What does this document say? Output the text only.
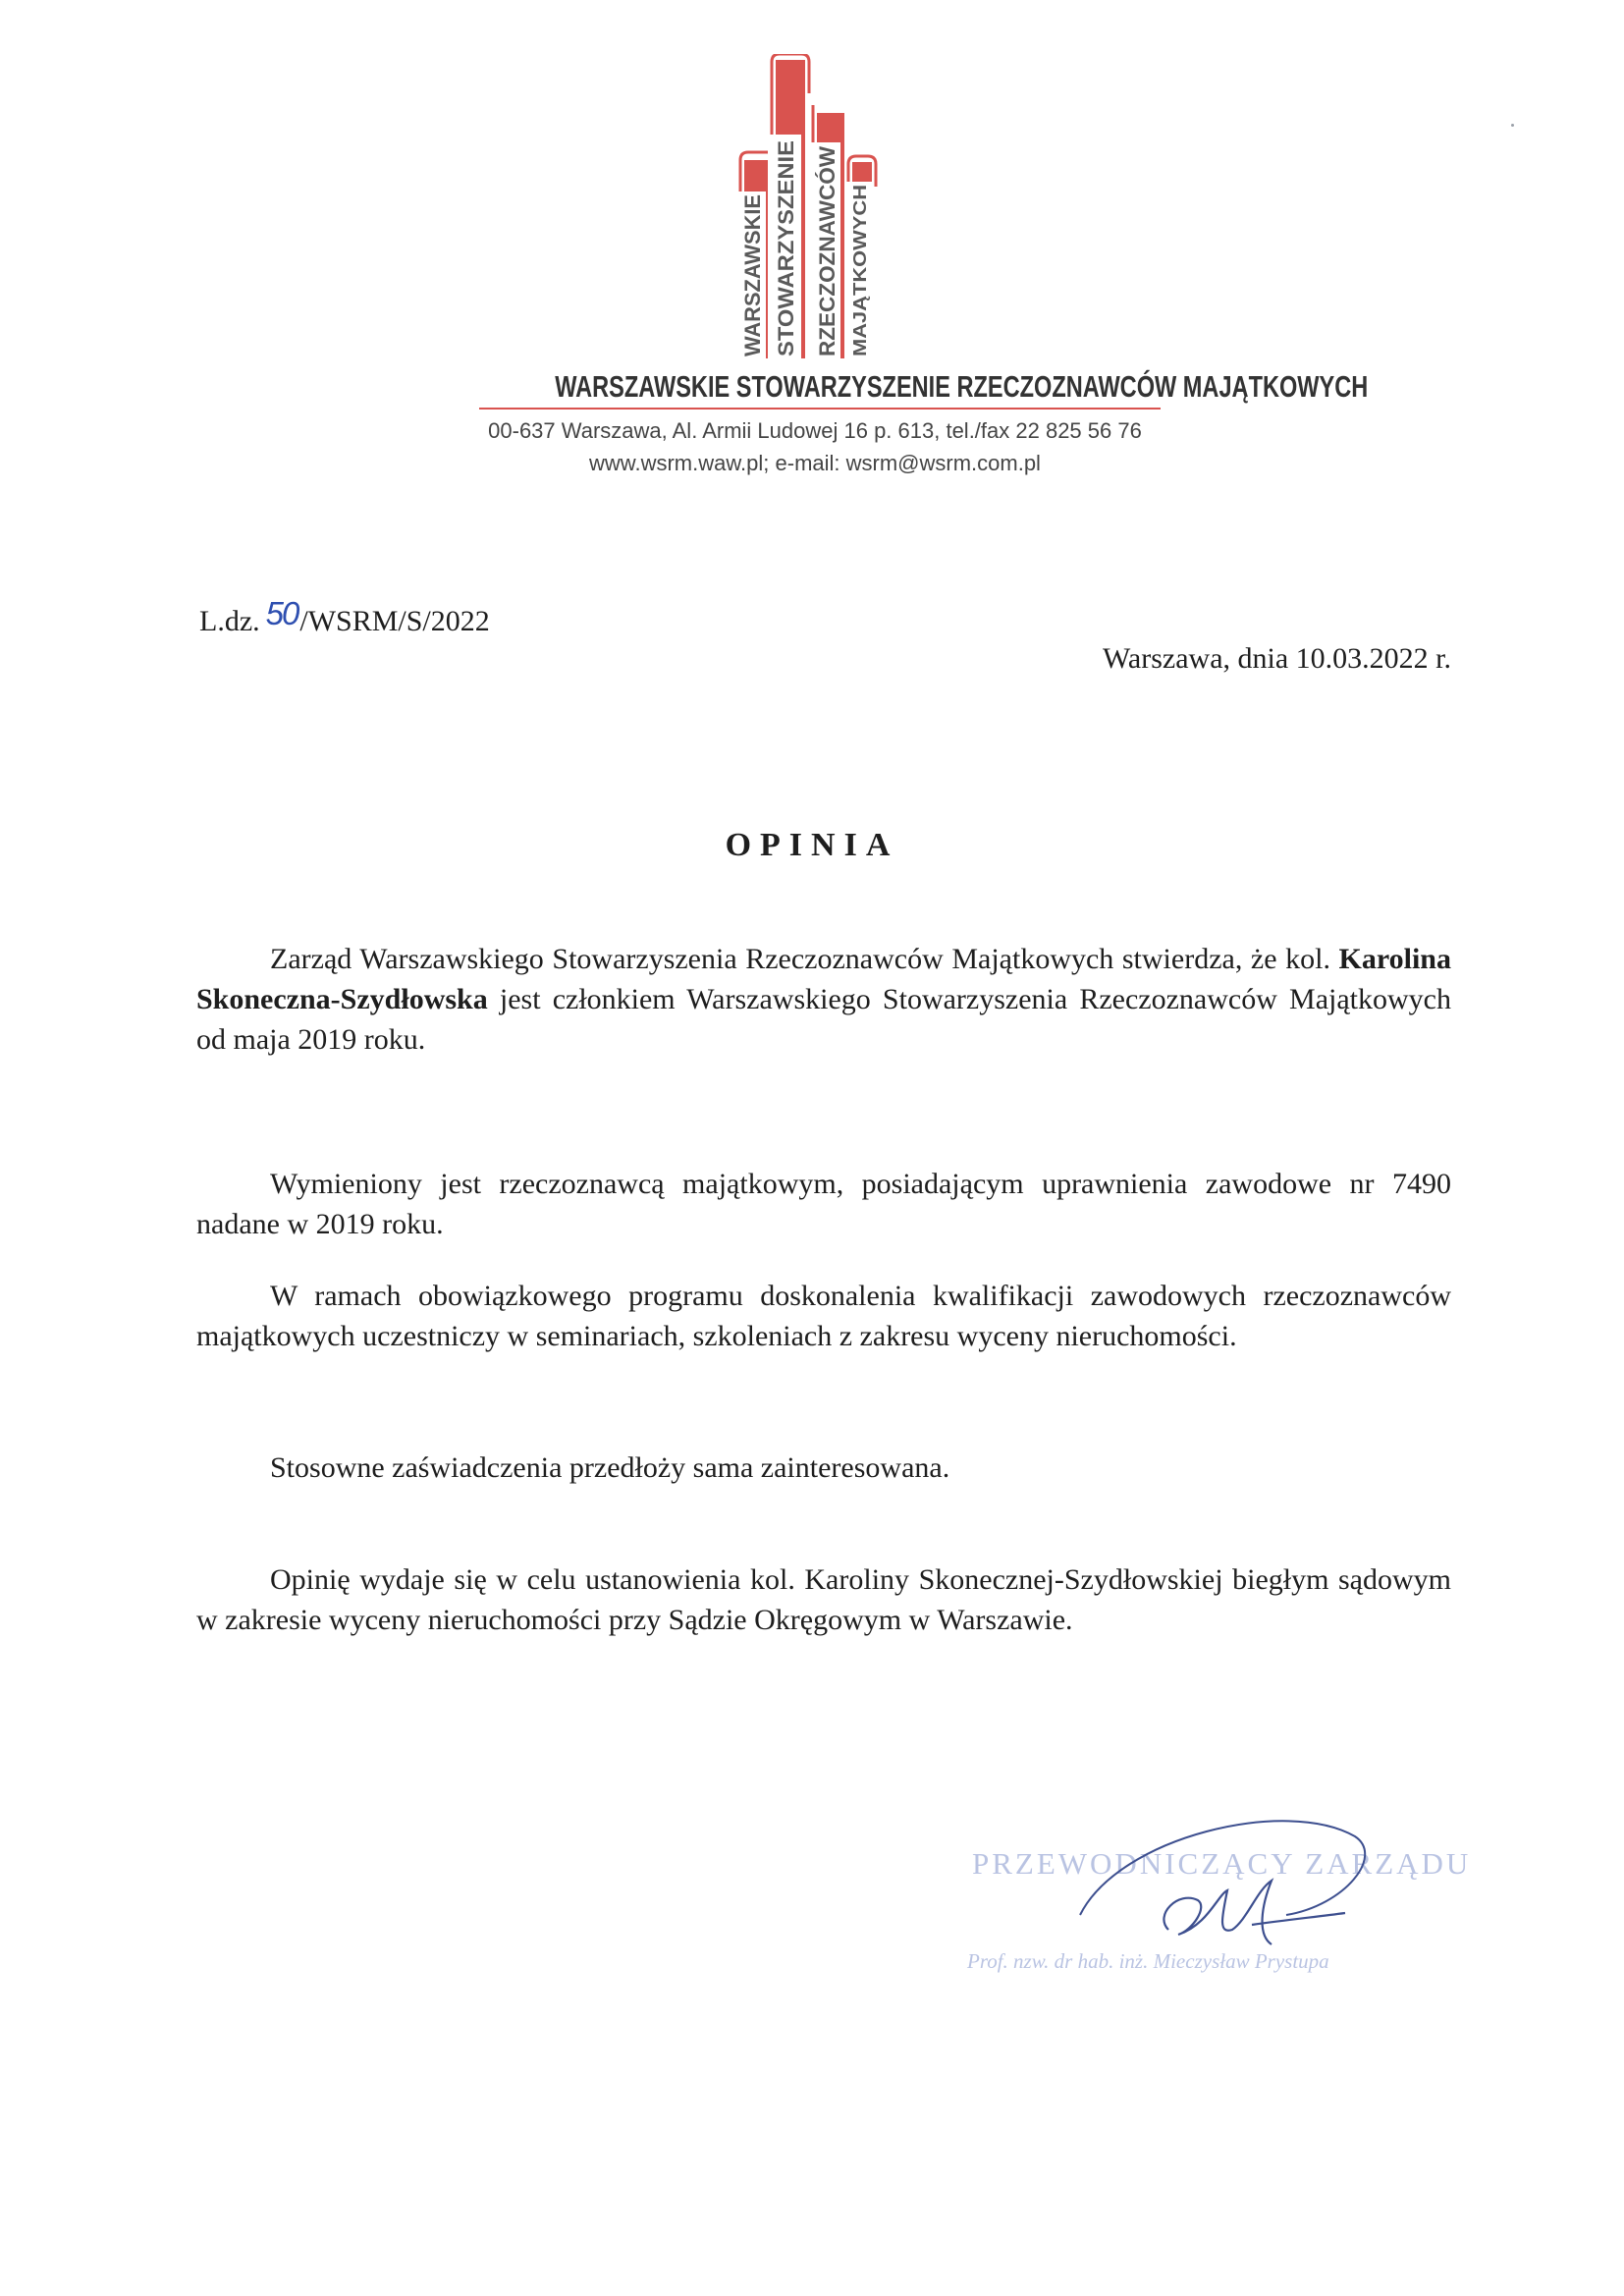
WARSZAWSKIE STOWARZYSZENIE RZECZOZNAWCÓW MAJĄTKOWYCH
WARSZAWSKIE STOWARZYSZENIE RZECZOZNAWCÓW MAJĄTKOWYCH
00-637 Warszawa, Al. Armii Ludowej 16 p. 613, tel./fax 22 825 56 76
www.wsrm.waw.pl; e-mail: wsrm@wsrm.com.pl
L.dz. 50/WSRM/S/2022
Warszawa, dnia 10.03.2022 r.
OPINIA
Zarząd Warszawskiego Stowarzyszenia Rzeczoznawców Majątkowych stwierdza, że kol. Karolina Skoneczna-Szydłowska jest członkiem Warszawskiego Stowarzyszenia Rzeczoznawców Majątkowych od maja 2019 roku.
Wymieniony jest rzeczoznawcą majątkowym, posiadającym uprawnienia zawodowe nr 7490 nadane w 2019 roku.
W ramach obowiązkowego programu doskonalenia kwalifikacji zawodowych rzeczoznawców majątkowych uczestniczy w seminariach, szkoleniach z zakresu wyceny nieruchomości.
Stosowne zaświadczenia przedłoży sama zainteresowana.
Opinię wydaje się w celu ustanowienia kol. Karoliny Skonecznej-Szydłowskiej biegłym sądowym w zakresie wyceny nieruchomości przy Sądzie Okręgowym w Warszawie.
PRZEWODNICZĄCY ZARZĄDU
Prof. nzw. dr hab. inż. Mieczysław Prystupa
